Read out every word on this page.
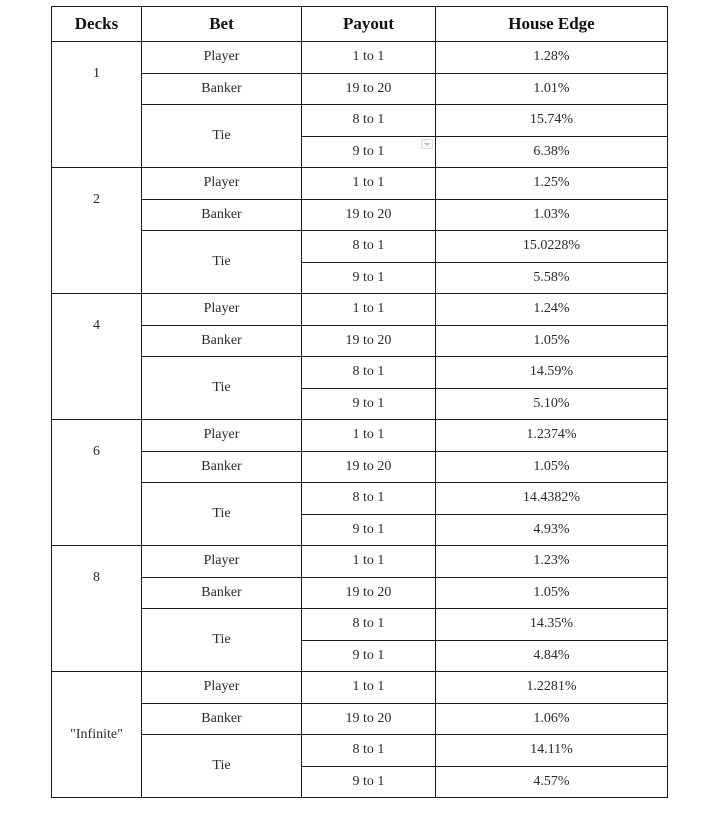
Decks	Bet	Payout	House Edge

1	Player	1 to 1	1.28%
	Banker	19 to 20	1.01%
	Tie	8 to 1	15.74%
		9 to 1	6.38%

2	Player	1 to 1	1.25%
	Banker	19 to 20	1.03%
	Tie	8 to 1	15.0228%
		9 to 1	5.58%

4	Player	1 to 1	1.24%
	Banker	19 to 20	1.05%
	Tie	8 to 1	14.59%
		9 to 1	5.10%

6	Player	1 to 1	1.2374%
	Banker	19 to 20	1.05%
	Tie	8 to 1	14.4382%
		9 to 1	4.93%

8	Player	1 to 1	1.23%
	Banker	19 to 20	1.05%
	Tie	8 to 1	14.35%
		9 to 1	4.84%

"Infinite"	Player	1 to 1	1.2281%
	Banker	19 to 20	1.06%
	Tie	8 to 1	14.11%
		9 to 1	4.57%
